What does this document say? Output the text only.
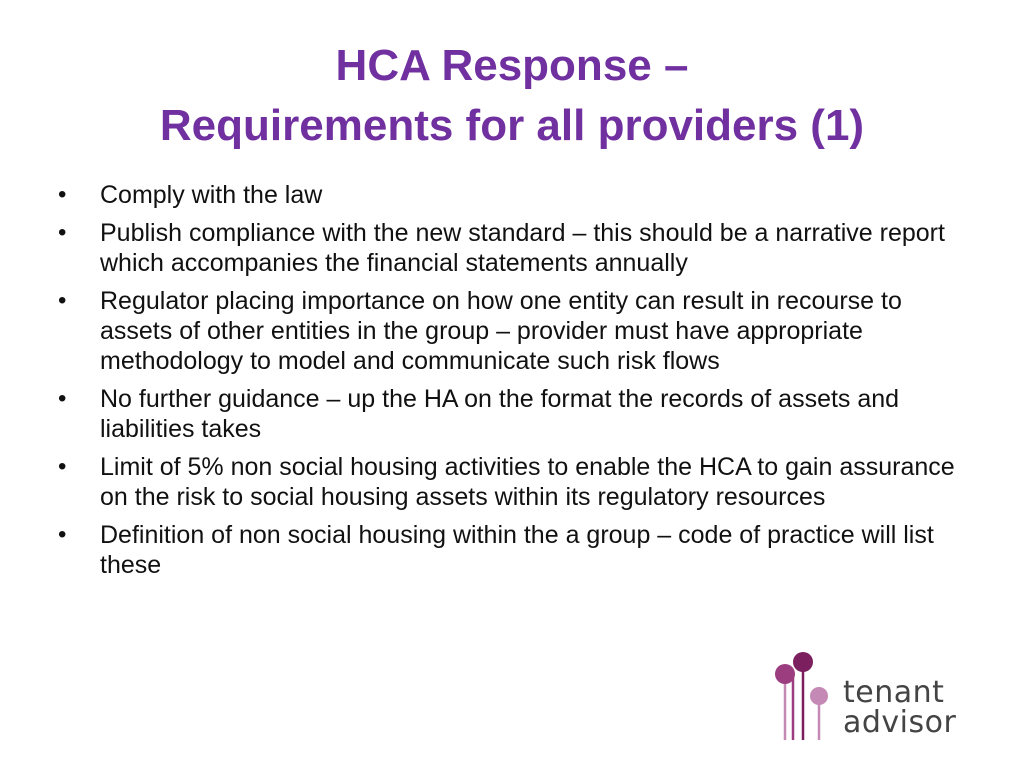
HCA Response –
Requirements for all providers (1)
•	Comply with the law
•	Publish compliance with the new standard – this should be a narrative report which accompanies the financial statements annually
•	Regulator placing importance on how one entity can result in recourse to assets of other entities in the group – provider must have appropriate methodology to model and communicate such risk flows
•	No further guidance – up the HA on the format the records of assets and liabilities takes
•	Limit of 5% non social housing activities to enable the HCA to gain assurance on the risk to social housing assets within its regulatory resources
•	Definition of non social housing within the a group – code of practice will list these
tenant
advisor
